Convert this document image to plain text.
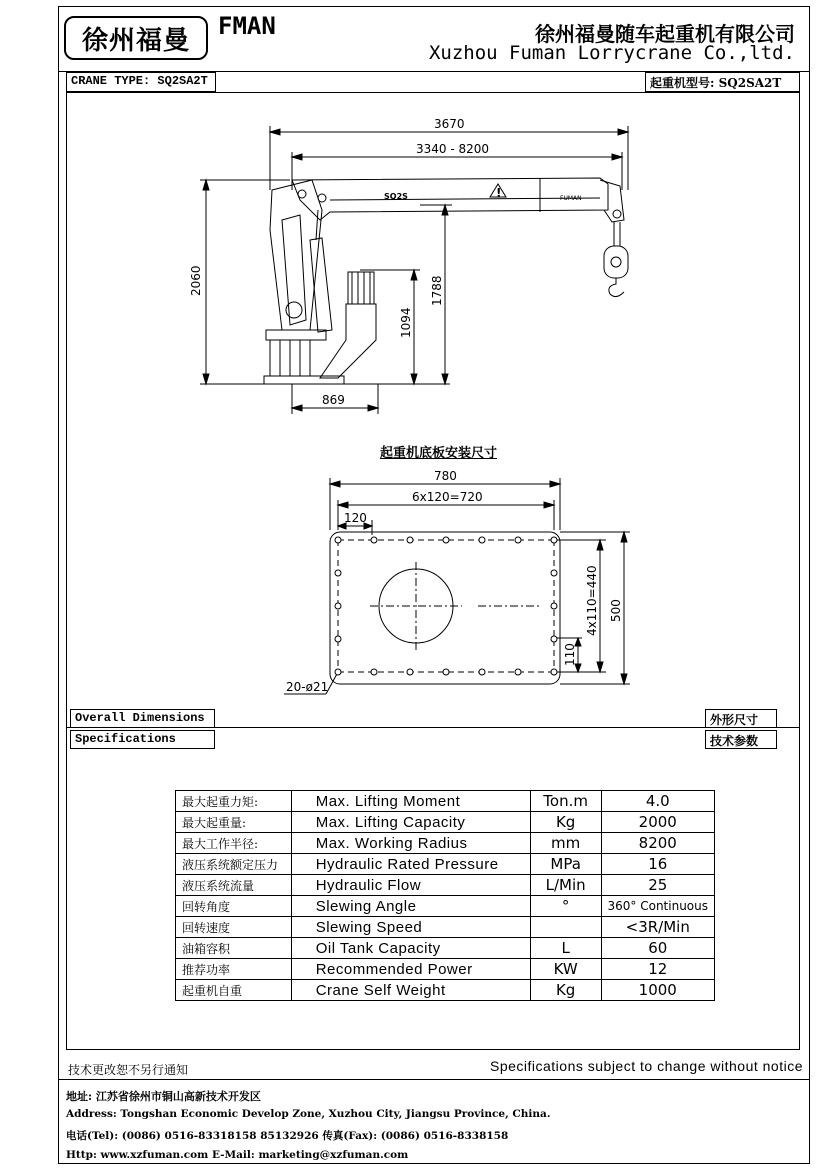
徐州福曼 FMAN	徐州福曼随车起重机有限公司
Xuzhou Fuman Lorrycrane Co.,ltd.
CRANE TYPE: SQ2SA2T	起重机型号: SQ2SA2T
3670
3340 - 8200
2060	1788
1094
869
SQ2S	!	FUMAN
起重机底板安装尺寸
780
6x120=720
120
500
4x110=440
110
20-ø21
Overall Dimensions	外形尺寸
Specifications	技术参数
最大起重力矩:	Max. Lifting Moment	Ton.m	4.0
最大起重量:	Max. Lifting Capacity	Kg	2000
最大工作半径:	Max. Working Radius	mm	8200
液压系统额定压力	Hydraulic Rated Pressure	MPa	16
液压系统流量	Hydraulic Flow	L/Min	25
回转角度	Slewing Angle	°	360° Continuous
回转速度	Slewing Speed		<3R/Min
油箱容积	Oil Tank Capacity	L	60
推荐功率	Recommended Power	KW	12
起重机自重	Crane Self Weight	Kg	1000
技术更改恕不另行通知	Specifications subject to change without notice
地址: 江苏省徐州市铜山高新技术开发区
Address: Tongshan Economic Develop Zone, Xuzhou City, Jiangsu Province, China.
电话(Tel): (0086) 0516-83318158 85132926 传真(Fax): (0086) 0516-8338158
Http: www.xzfuman.com E-Mail: marketing@xzfuman.com
